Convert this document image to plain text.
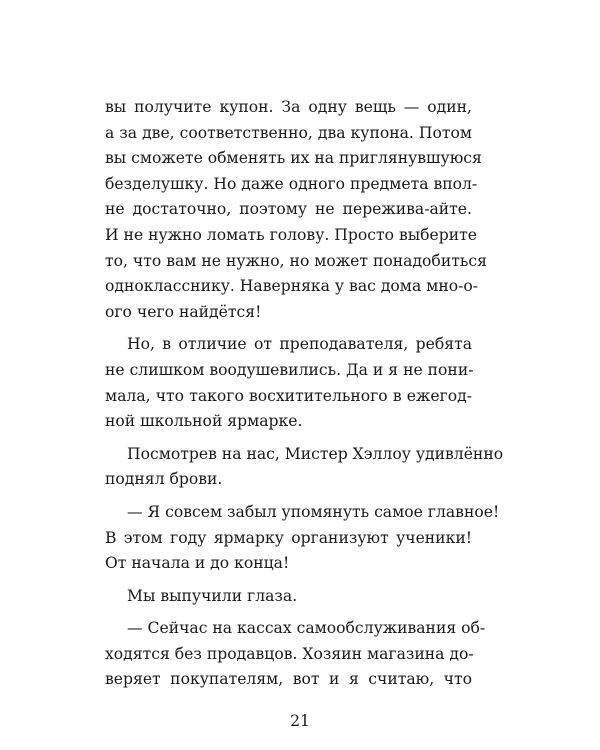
вы получите купон. За одну вещь — один,
а за две, соответственно, два купона. Потом
вы сможете обменять их на приглянувшуюся
безделушку. Но даже одного предмета впол-
не достаточно, поэтому не пережива-айте.
И не нужно ломать голову. Просто выберите
то, что вам не нужно, но может понадобиться
однокласснику. Наверняка у вас дома мно-о-
ого чего найдётся!
Но, в отличие от преподавателя, ребята
не слишком воодушевились. Да и я не пони-
мала, что такого восхитительного в ежегод-
ной школьной ярмарке.
Посмотрев на нас, Мистер Хэллоу удивлённо
поднял брови.
— Я совсем забыл упомянуть самое главное!
В этом году ярмарку организуют ученики!
От начала и до конца!
Мы выпучили глаза.
— Сейчас на кассах самообслуживания об-
ходятся без продавцов. Хозяин магазина до-
веряет покупателям, вот и я считаю, что
21
